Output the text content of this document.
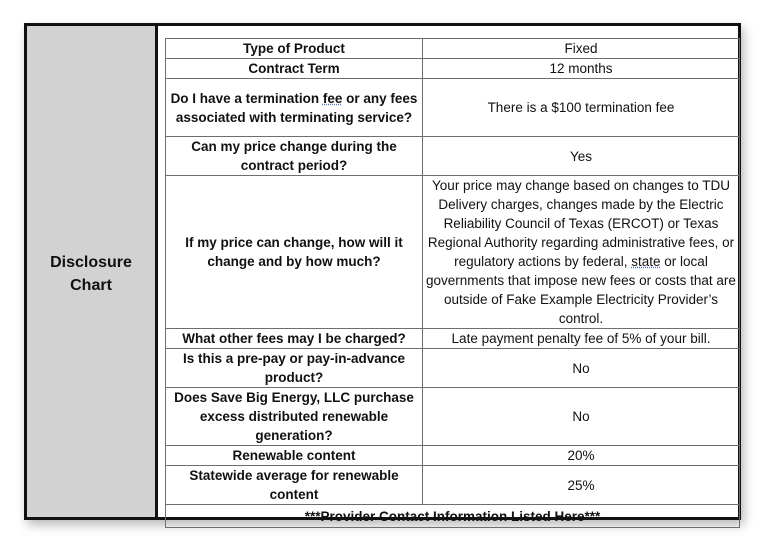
Disclosure
Chart
Type of Product	Fixed
Contract Term	12 months
Do I have a termination fee or any fees associated with terminating service?	There is a $100 termination fee
Can my price change during the contract period?	Yes
If my price can change, how will it change and by how much?	Your price may change based on changes to TDU Delivery charges, changes made by the Electric Reliability Council of Texas (ERCOT) or Texas Regional Authority regarding administrative fees, or regulatory actions by federal, state or local governments that impose new fees or costs that are outside of Fake Example Electricity Provider’s control.
What other fees may I be charged?	Late payment penalty fee of 5% of your bill.
Is this a pre-pay or pay-in-advance product?	No
Does Save Big Energy, LLC purchase excess distributed renewable generation?	No
Renewable content	20%
Statewide average for renewable content	25%
***Provider Contact Information Listed Here***	
